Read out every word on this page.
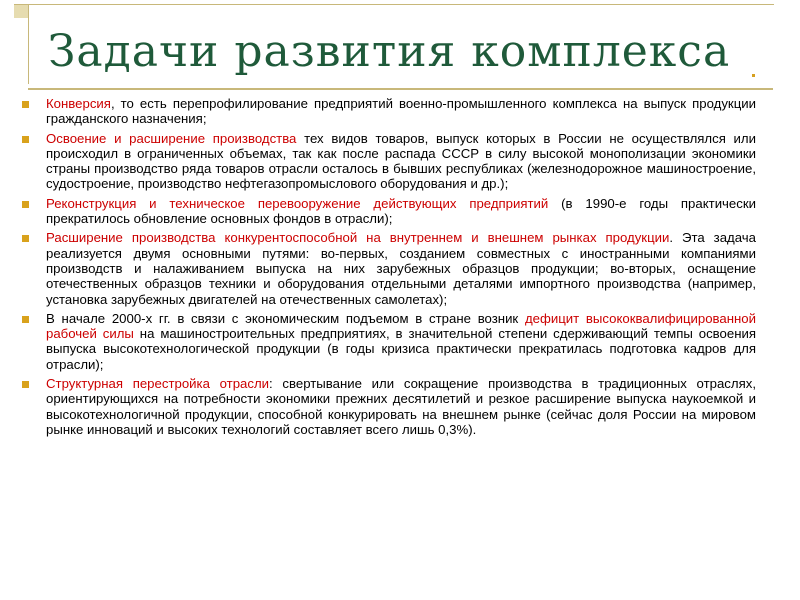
Задачи развития комплекса
Конверсия, то есть перепрофилирование предприятий военно-промышленного комплекса на выпуск продукции гражданского назначения;
Освоение и расширение производства тех видов товаров, выпуск которых в России не осуществлялся или происходил в ограниченных объемах, так как после распада СССР в силу высокой монополизации экономики страны производство ряда товаров отрасли осталось в бывших республиках (железнодорожное машиностроение, судостроение, производство нефтегазопромыслового оборудования и др.);
Реконструкция и техническое перевооружение действующих предприятий (в 1990-е годы практически прекратилось обновление основных фондов в отрасли);
Расширение производства конкурентоспособной на внутреннем и внешнем рынках продукции. Эта задача реализуется двумя основными путями: во-первых, созданием совместных с иностранными компаниями производств и налаживанием выпуска на них зарубежных образцов продукции; во-вторых, оснащение отечественных образцов техники и оборудования отдельными деталями импортного производства (например, установка зарубежных двигателей на отечественных самолетах);
В начале 2000-х гг. в связи с экономическим подъемом в стране возник дефицит высококвалифицированной рабочей силы на машиностроительных предприятиях, в значительной степени сдерживающий темпы освоения выпуска высокотехнологической продукции (в годы кризиса практически прекратилась подготовка кадров для отрасли);
Структурная перестройка отрасли: свертывание или сокращение производства в традиционных отраслях, ориентирующихся на потребности экономики прежних десятилетий и резкое расширение выпуска наукоемкой и высокотехнологичной продукции, способной конкурировать на внешнем рынке (сейчас доля России на мировом рынке инноваций и высоких технологий составляет всего лишь 0,3%).
